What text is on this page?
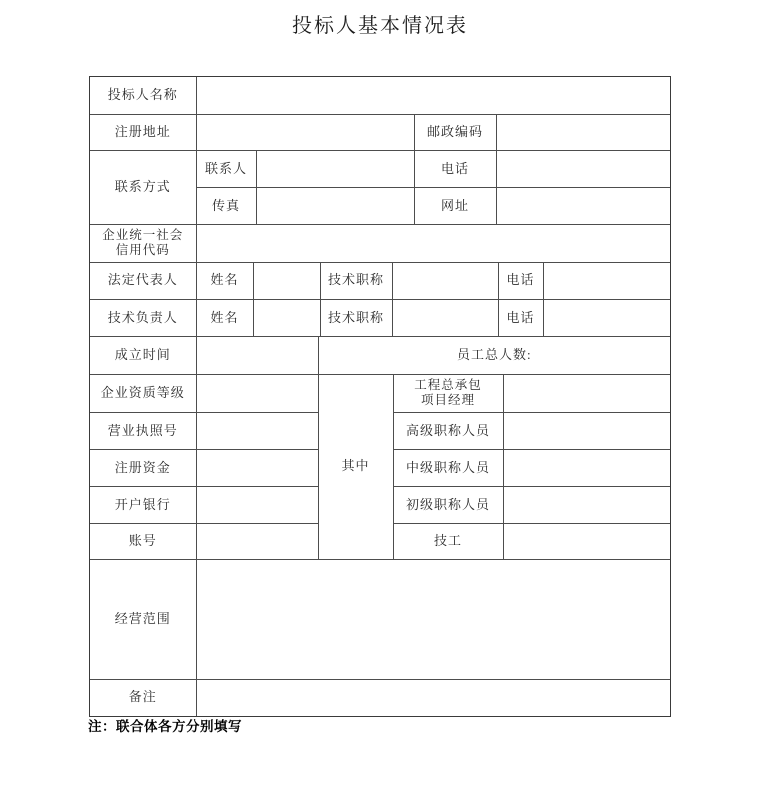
投标人基本情况表
投标人名称	
注册地址			邮政编码	
联系方式	联系人		电话	
	传真		网址	
企业统一社会
信用代码

法定代表人	姓名		技术职称		电话	
技术负责人	姓名		技术职称		电话	
成立时间		员工总人数:
企业资质等级		其中	工程总承包
项目经理	

营业执照号			高级职称人员	
注册资金			中级职称人员	
开户银行			初级职称人员	
账号			技工	
经营范围	
备注	
注：联合体各方分别填写
